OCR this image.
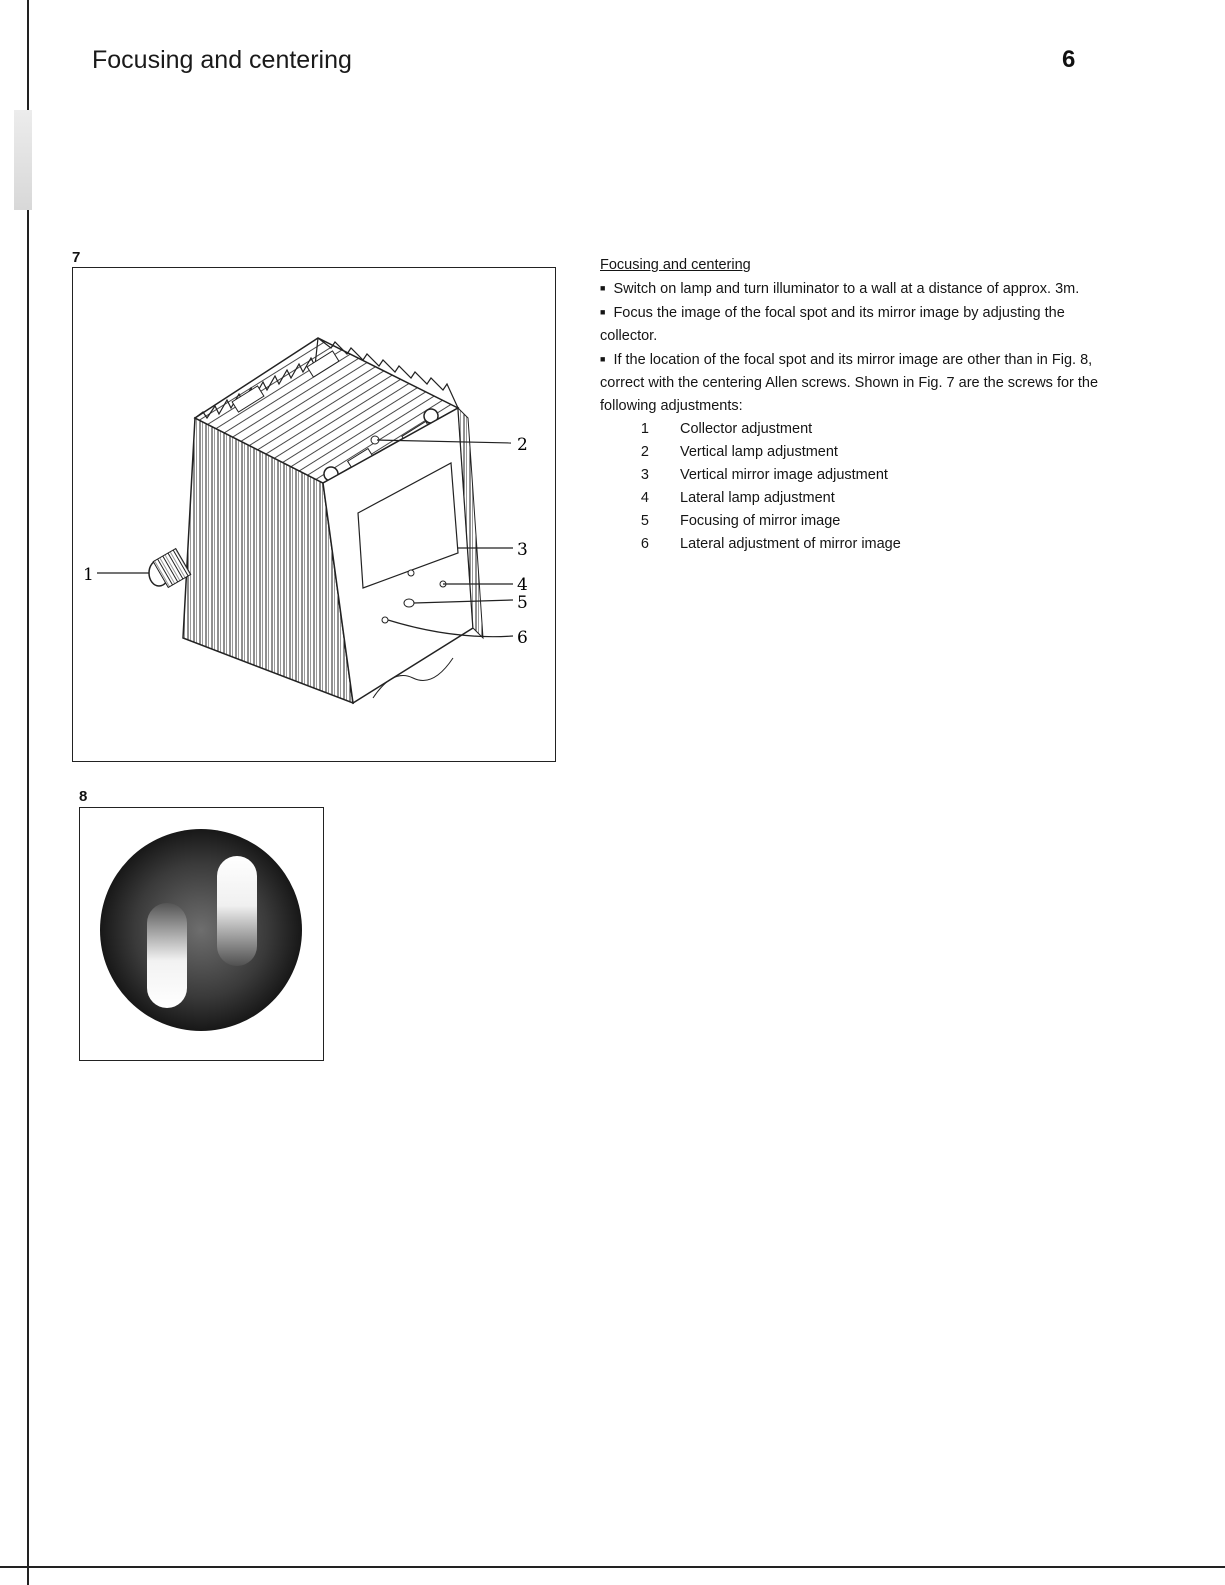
Focusing and centering	6
7
1
2
3
4
5
6
8
Focusing and centering
■ Switch on lamp and turn illuminator to a wall at a distance of approx. 3m.
■ Focus the image of the focal spot and its mirror image by adjusting the collector.
■ If the location of the focal spot and its mirror image are other than in Fig. 8, correct with the centering Allen screws. Shown in Fig. 7 are the screws for the following adjustments:
1	Collector adjustment
2	Vertical lamp adjustment
3	Vertical mirror image adjustment
4	Lateral lamp adjustment
5	Focusing of mirror image
6	Lateral adjustment of mirror image
